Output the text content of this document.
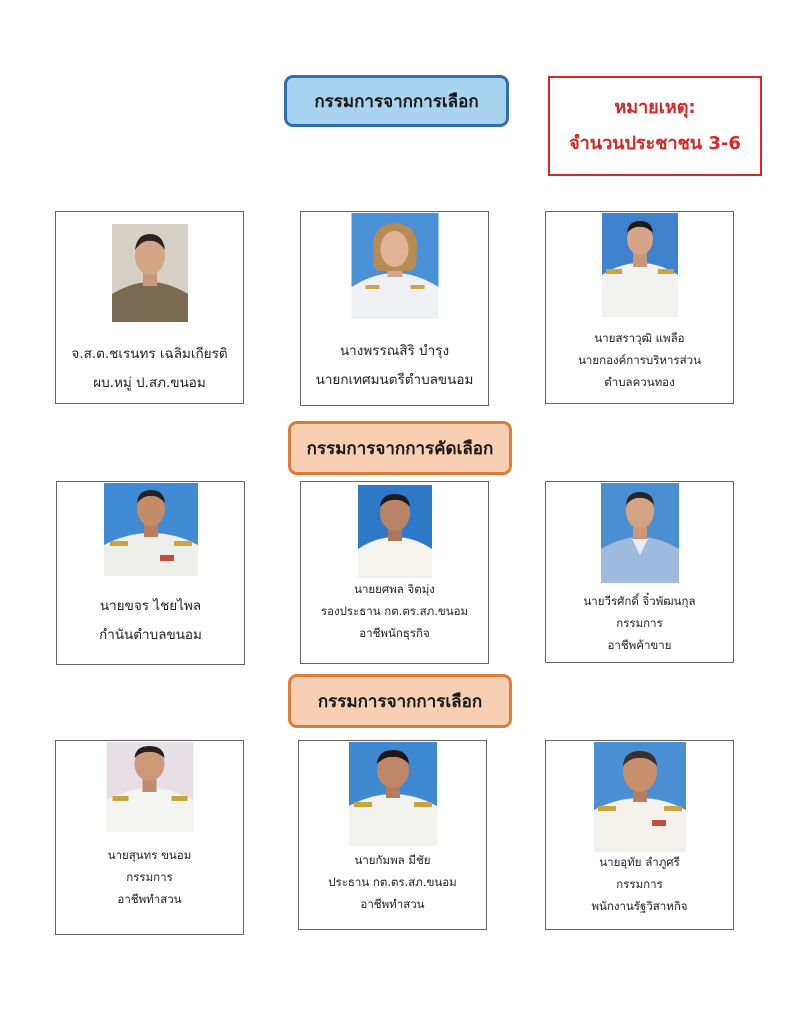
กรรมการจากการเลือก	หมายเหตุ:
จำนวนประชาชน 3-6
กรรมการจากการคัดเลือก
กรรมการจากการเลือก
จ.ส.ต.ชเรนทร เฉลิมเกียรติ
ผบ.หมู่ ป.สภ.ขนอม
นางพรรณสิริ บำรุง
นายกเทศมนตรีตำบลขนอม
นายสราวุฒิ แพลือ
นายกองค์การบริหารส่วน
ตำบลควนทอง
นายขจร ไชยไพล
กำนันตำบลขนอม
นายยศพล จิตมุ่ง
รองประธาน กต.ตร.สภ.ขนอม
อาชีพนักธุรกิจ
นายวีรศักดิ์ จิ๋วพัฒนกุล
กรรมการ
อาชีพค้าขาย
นายสุนทร ขนอม
กรรมการ
อาชีพทำสวน
นายกัมพล มีชัย
ประธาน กต.ตร.สภ.ขนอม
อาชีพทำสวน
นายอุทัย ลำภูศรี
กรรมการ
พนักงานรัฐวิสาหกิจ
